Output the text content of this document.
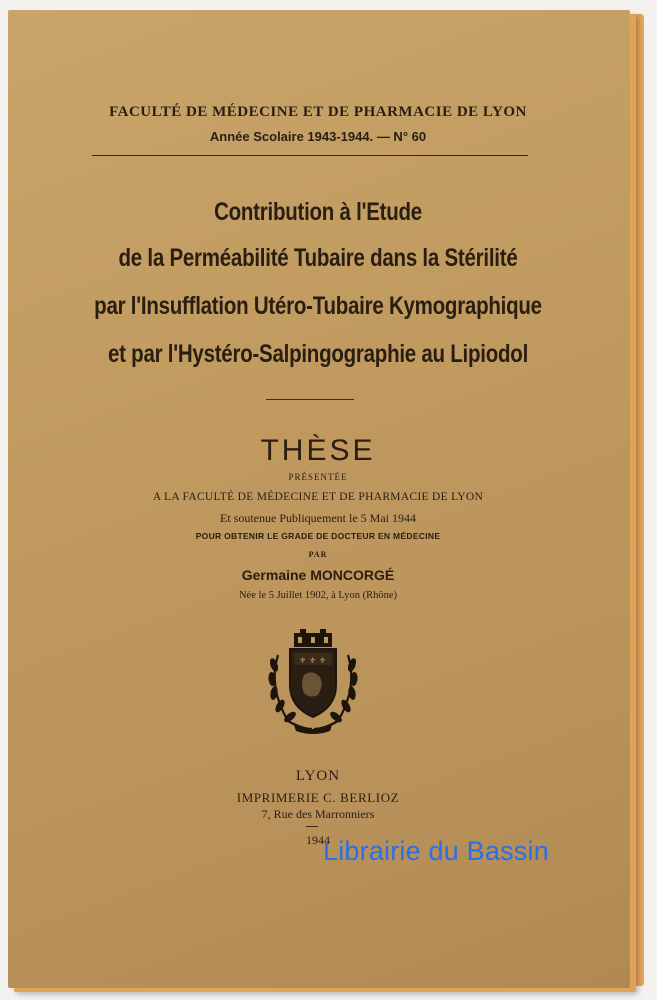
FACULTÉ DE MÉDECINE ET DE PHARMACIE DE LYON
Année Scolaire 1943-1944. — N° 60
Contribution à l'Etude
de la Perméabilité Tubaire dans la Stérilité
par l'Insufflation Utéro-Tubaire Kymographique
et par l'Hystéro-Salpingographie au Lipiodol
THÈSE
PRÉSENTÉE
A LA FACULTÉ DE MÉDECINE ET DE PHARMACIE DE LYON
Et soutenue Publiquement le 5 Mai 1944
POUR OBTENIR LE GRADE DE DOCTEUR EN MÉDECINE
PAR
Germaine MONCORGÉ
Née le 5 Juillet 1902, à Lyon (Rhône)
⚜ ⚜ ⚜
LYON
IMPRIMERIE C. BERLIOZ
7, Rue des Marronniers
1944
Librairie du Bassin
